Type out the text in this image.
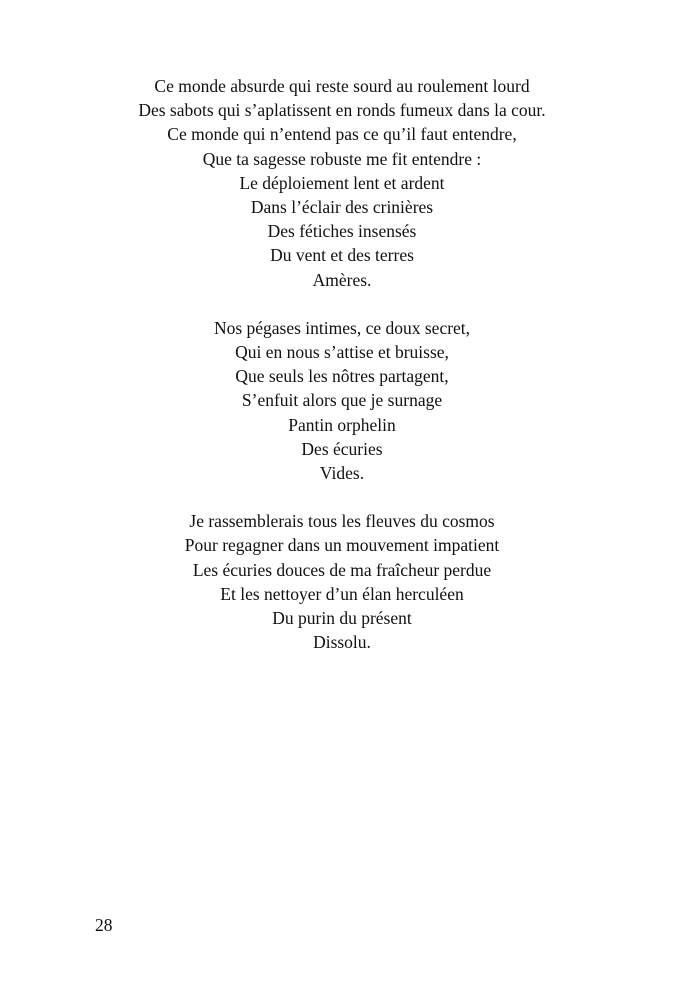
Ce monde absurde qui reste sourd au roulement lourd
Des sabots qui s’aplatissent en ronds fumeux dans la cour.
Ce monde qui n’entend pas ce qu’il faut entendre,
Que ta sagesse robuste me fit entendre :
Le déploiement lent et ardent
Dans l’éclair des crinières
Des fétiches insensés
Du vent et des terres
Amères.
Nos pégases intimes, ce doux secret,
Qui en nous s’attise et bruisse,
Que seuls les nôtres partagent,
S’enfuit alors que je surnage
Pantin orphelin
Des écuries
Vides.
Je rassemblerais tous les fleuves du cosmos
Pour regagner dans un mouvement impatient
Les écuries douces de ma fraîcheur perdue
Et les nettoyer d’un élan herculéen
Du purin du présent
Dissolu.
28
